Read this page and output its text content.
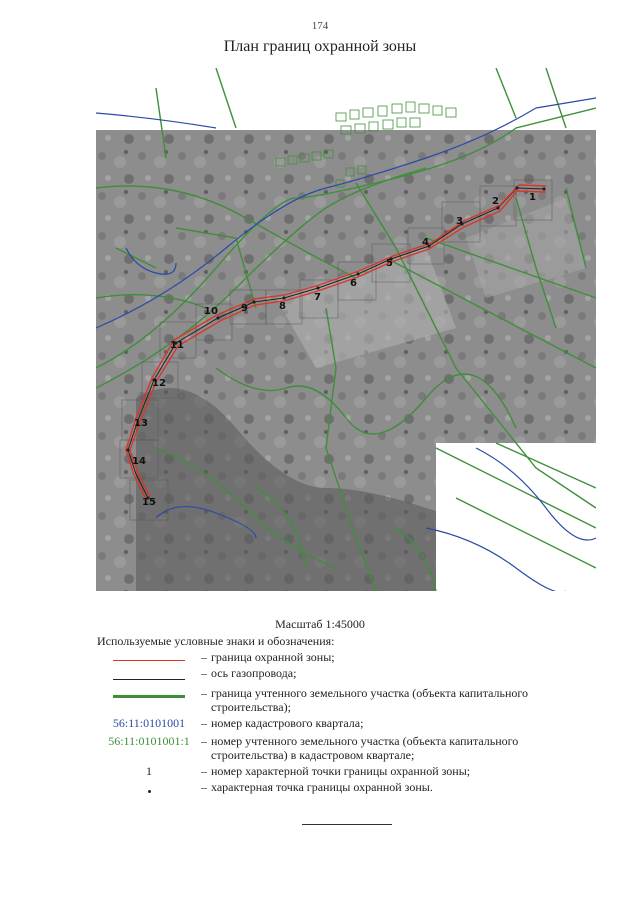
174
План границ охранной зоны
1
2
3
4
5
6
7
8
9
10
11
12
13
14
15
Масштаб 1:45000
Используемые условные знаки и обозначения:
– граница охранной зоны;
– ось газопровода;
– граница учтенного земельного участка (объекта капитального строительства);
56:11:0101001	– номер кадастрового квартала;
56:11:0101001:1 – номер учтенного земельного участка (объекта капитального строительства) в кадастровом квартале;
1	– номер характерной точки границы охранной зоны;
– характерная точка границы охранной зоны.
